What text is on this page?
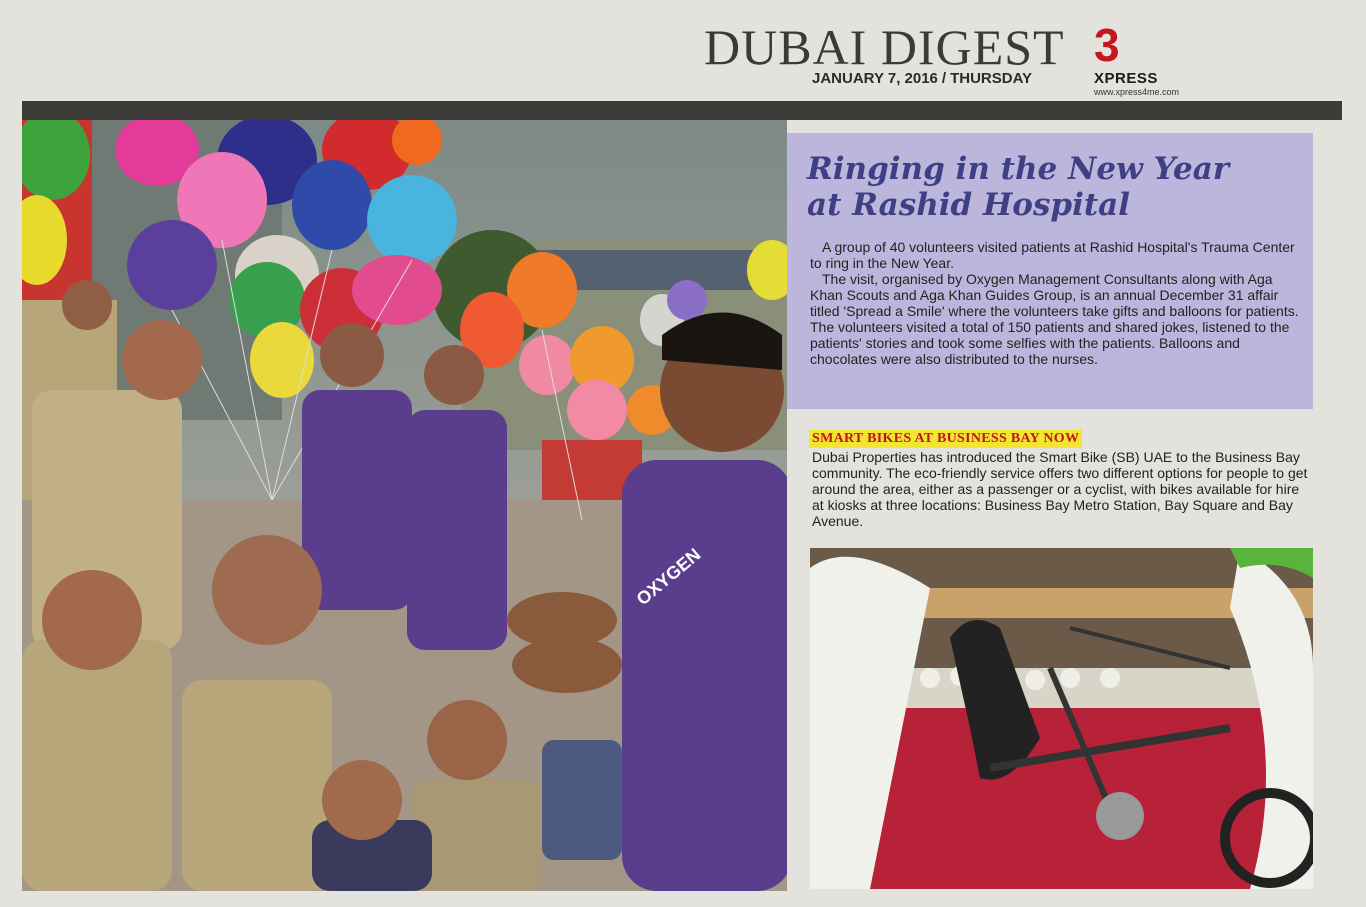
DUBAI DIGEST
JANUARY 7, 2016 / THURSDAY
3
XPRESS
www.xpress4me.com
OXYGEN
Ringing in the New Year
at Rashid Hospital

A group of 40 volunteers visited patients at Rashid Hospital's Trauma Center to ring in the New Year.

The visit, organised by Oxygen Management Consultants along with Aga Khan Scouts and Aga Khan Guides Group, is an annual December 31 affair titled 'Spread a Smile' where the volunteers take gifts and balloons for patients. The volunteers visited a total of 150 patients and shared jokes, listened to the patients' stories and took some selfies with the patients. Balloons and chocolates were also distributed to the nurses.

SMART BIKES AT BUSINESS BAY NOW

Dubai Properties has introduced the Smart Bike (SB) UAE to the Business Bay community. The eco-friendly service offers two different options for people to get around the area, either as a passenger or a cyclist, with bikes available for hire at kiosks at three locations: Business Bay Metro Station, Bay Square and Bay Avenue.
